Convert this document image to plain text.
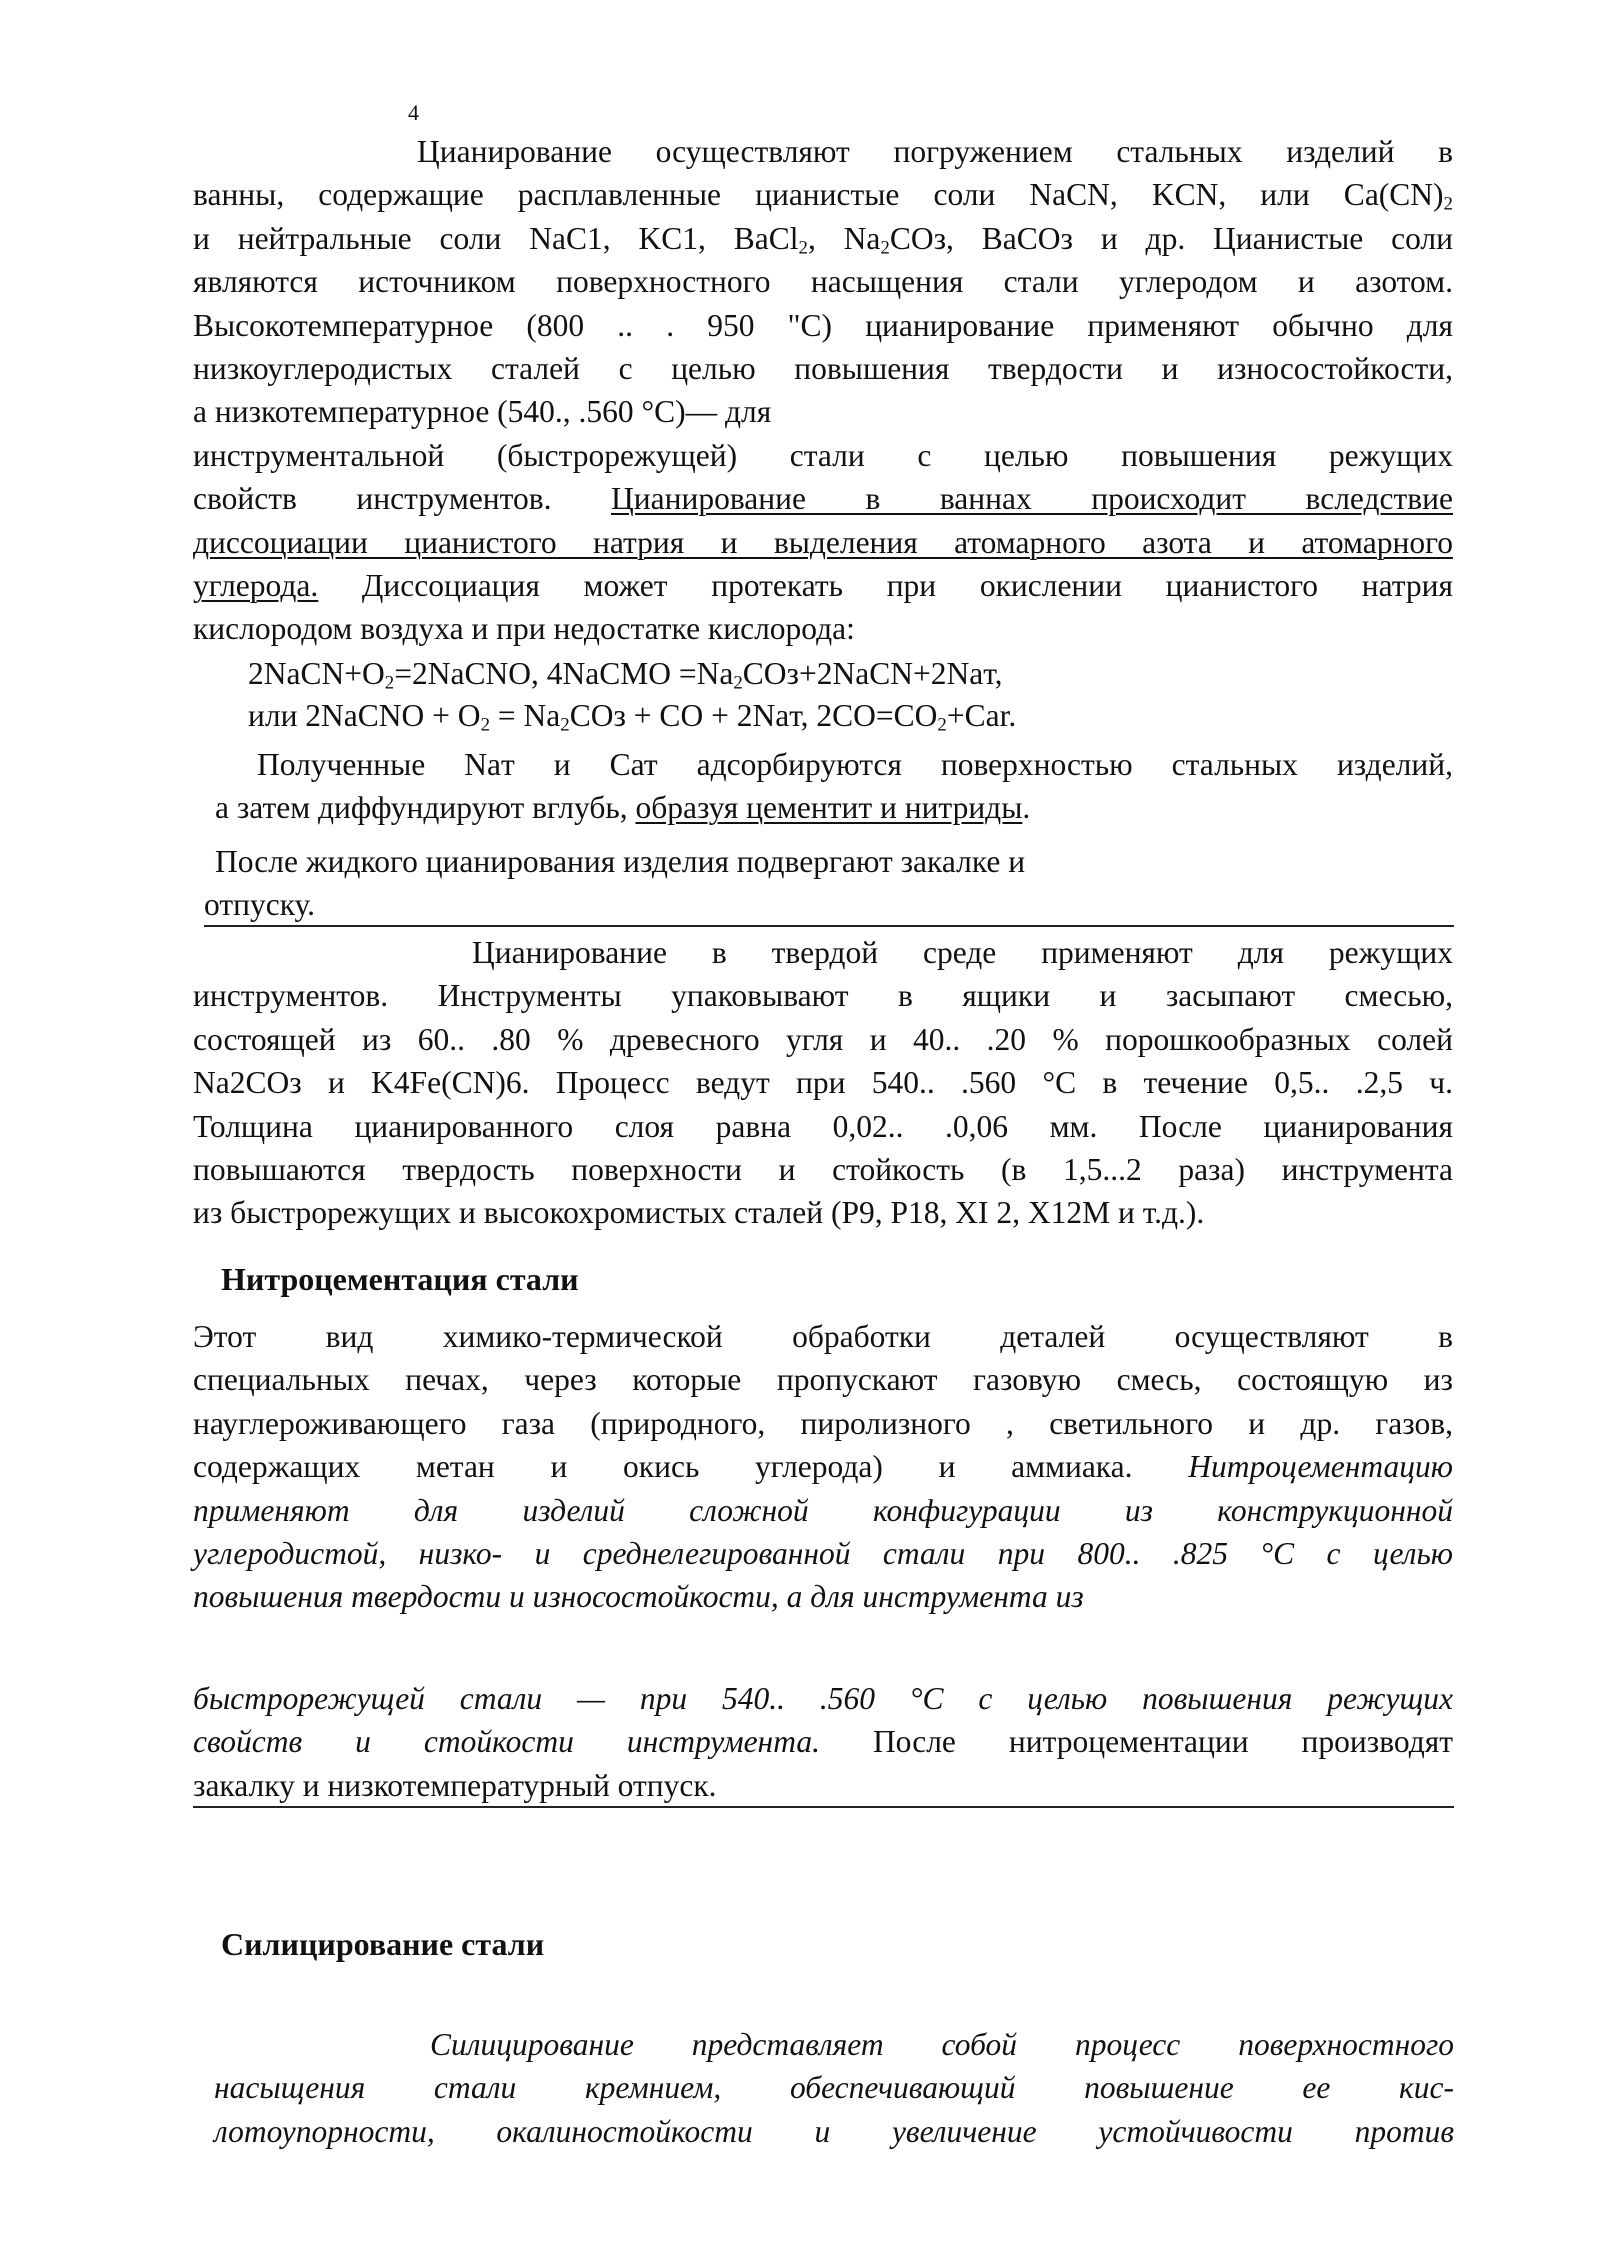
4

Цианирование осуществляют погружением стальных изделий в

ванны, содержащие расплавленные цианистые соли NaCN, KCN, или $Ca(CN)_2$

и нейтральные соли NaC1, KC1, BaCl$_2$, $Na_2COз$, BaCOз и др. Цианистые соли

являются источником поверхностного насыщения стали углеродом и азотом.

Высокотемпературное (800 .. . 950 "С) цианирование применяют обычно для

низкоуглеродистых сталей с целью повышения твердости и износостойкости,

а низкотемпературное (540., .560 °С)— для

инструментальной (быстрорежущей) стали с целью повышения режущих

свойств инструментов. Цианирование в ваннах происходит вследствие

диссоциации цианистого натрия и выделения атомарного азота и атомарного

углерода. Диссоциация может протекать при окислении цианистого натрия

кислородом воздуха и при недостатке кислорода:

$2NaCN+O_2=2NaCNO$, 4NaCMO $=Na_2COз+2NaCN+2Naт$,
или 2NaCNO + $O_2 = Na_2COз$ + CO + 2Naт, $2CO=CO_2+Car$.

Полученные Naт и Cат адсорбируются поверхностью стальных изделий,

а затем диффундируют вглубь, образуя цементит и нитриды.

После жидкого цианирования изделия подвергают закалке и

отпуску.

Цианирование в твердой среде применяют для режущих

инструментов. Инструменты упаковывают в ящики и засыпают смесью,

состоящей из 60.. .80 % древесного угля и 40.. .20 % порошкообразных солей

Na2COз и K4Fe(CN)6. Процесс ведут при 540.. .560 °С в течение 0,5.. .2,5 ч.

Толщина цианированного слоя равна 0,02.. .0,06 мм. После цианирования

повышаются твердость поверхности и стойкость (в 1,5...2 раза) инструмента

из быстрорежущих и высокохромистых сталей (Р9, Р18, XI 2, Х12М и т.д.).

Нитроцементация стали

Этот вид химико-термической обработки деталей осуществляют в

специальных печах, через которые пропускают газовую смесь, состоящую из

науглероживающего газа (природного, пиролизного , светильного и др. газов,

содержащих метан и окись углерода) и аммиака. Нитроцементацию

применяют для изделий сложной конфигурации из конструкционной

углеродистой, низко- и среднелегированной стали при 800.. .825 °С с целью

повышения твердости и износостойкости, а для инструмента из

быстрорежущей стали — при 540.. .560 °С с целью повышения режущих

свойств и стойкости инструмента. После нитроцементации производят

закалку и низкотемпературный отпуск.

Силицирование стали

Силицирование представляет собой процесс поверхностного

насыщения стали кремнием, обеспечивающий повышение ее кис-

лотоупорности, окалиностойкости и увеличение устойчивости против
